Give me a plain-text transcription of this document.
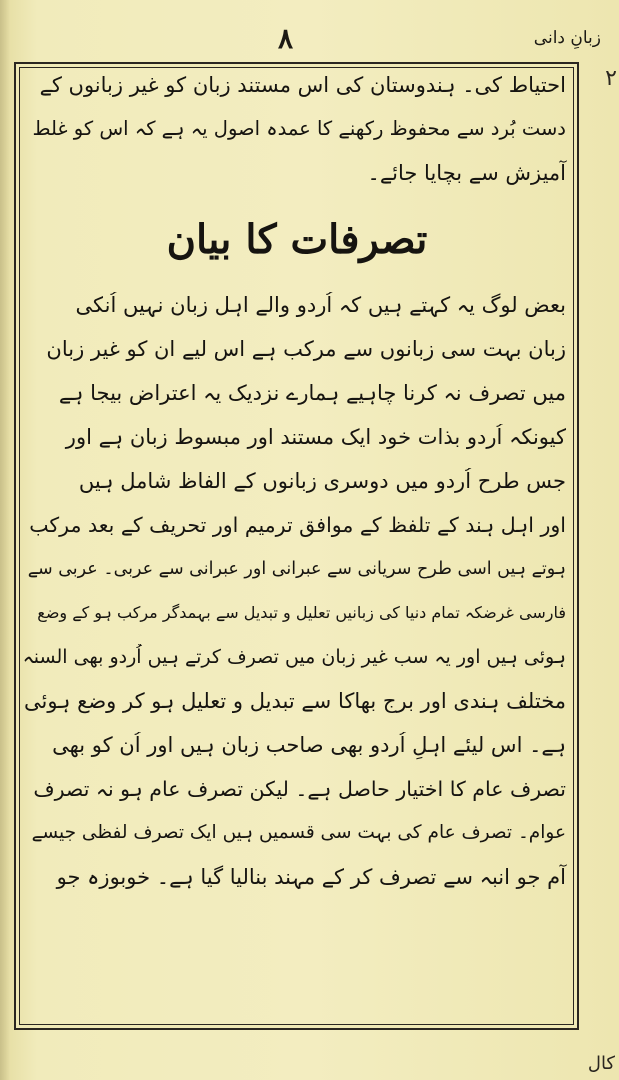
زبانِ دانی
۸
٢
احتیاط کی۔ ہندوستان کی اس مستند زبان کو غیر زبانوں کے
دست بُرد سے محفوظ رکھنے کا عمدہ اصول یہ ہے کہ اس کو غلط
آمیزش سے بچایا جائے۔
تصرفات کا بیان
بعض لوگ یہ کہتے ہیں کہ اُردو والے اہل زبان نہیں اُنکی
زبان بہت سی زبانوں سے مرکب ہے اس لیے ان کو غیر زبان
میں تصرف نہ کرنا چاہیے ہمارے نزدیک یہ اعتراض بیجا ہے
کیونکہ اُردو بذات خود ایک مستند اور مبسوط زبان ہے اور
جس طرح اُردو میں دوسری زبانوں کے الفاظ شامل ہیں
اور اہل ہند کے تلفظ کے موافق ترمیم اور تحریف کے بعد مرکب
ہوتے ہیں اسی طرح سریانی سے عبرانی اور عبرانی سے عربی۔ عربی سے
فارسی غرضکہ تمام دنیا کی زبانیں تعلیل و تبدیل سے بہمدگر مرکب ہو کے وضع
ہوئی ہیں اور یہ سب غیر زبان میں تصرف کرتے ہیں اُردو بھی السنہ
مختلف ہندی اور برج بھاکا سے تبدیل و تعلیل ہو کر وضع ہوئی
ہے۔ اس لیئے اہلِ اُردو بھی صاحب زبان ہیں اور اُن کو بھی
تصرف عام کا اختیار حاصل ہے۔ لیکن تصرف عام ہو نہ تصرف
عوام۔ تصرف عام کی بہت سی قسمیں ہیں ایک تصرف لفظی جیسے
آم جو انبہ سے تصرف کر کے مہند بنالیا گیا ہے۔ خوبوزہ جو
کال
